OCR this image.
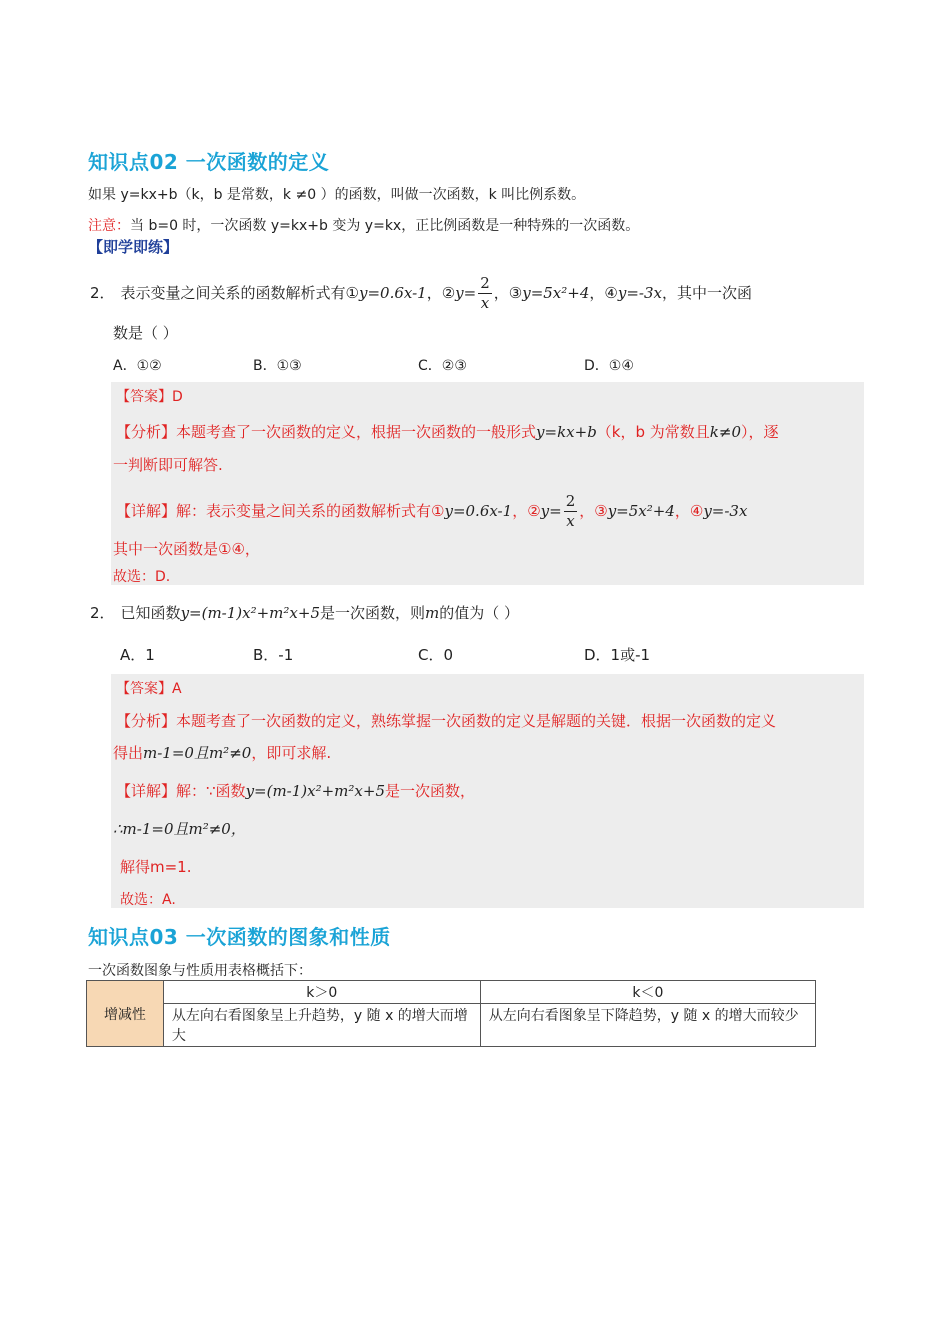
知识点02 一次函数的定义
如果 y=kx+b（k，b 是常数，k ≠0 ）的函数，叫做一次函数，k 叫比例系数。
注意：当 b=0 时，一次函数 y=kx+b 变为 y=kx，正比例函数是一种特殊的一次函数。
【即学即练】
2． 表示变量之间关系的函数解析式有①y=0.6x-1，②y= $\frac{2}{x}$ ，③y=5x²+4，④y=-3x，其中一次函
数是（ ）
A．①②	B．①③	C．②③	D．①④
【答案】D
【分析】本题考查了一次函数的定义，根据一次函数的一般形式y=kx+b（k，b 为常数且k≠0），逐
一判断即可解答.
【详解】解：表示变量之间关系的函数解析式有①y=0.6x-1，②y= $\frac{2}{x}$ ，③y=5x²+4，④y=-3x
其中一次函数是①④，
故选：D.
2． 已知函数y=(m-1)x²+m²x+5是一次函数，则m的值为（ ）
A．1	B．-1	C．0	D．1或-1
【答案】A
【分析】本题考查了一次函数的定义，熟练掌握一次函数的定义是解题的关键．根据一次函数的定义
得出m-1=0且m²≠0，即可求解.
【详解】解：∵函数y=(m-1)x²+m²x+5是一次函数，
∴m-1=0且m²≠0，
解得m=1.
故选：A.
知识点03 一次函数的图象和性质
一次函数图象与性质用表格概括下：
增减性	k＞0	k＜0
	从左向右看图象呈上升趋势，y 随 x 的增大而增大	从左向右看图象呈下降趋势，y 随 x 的增大而较少
